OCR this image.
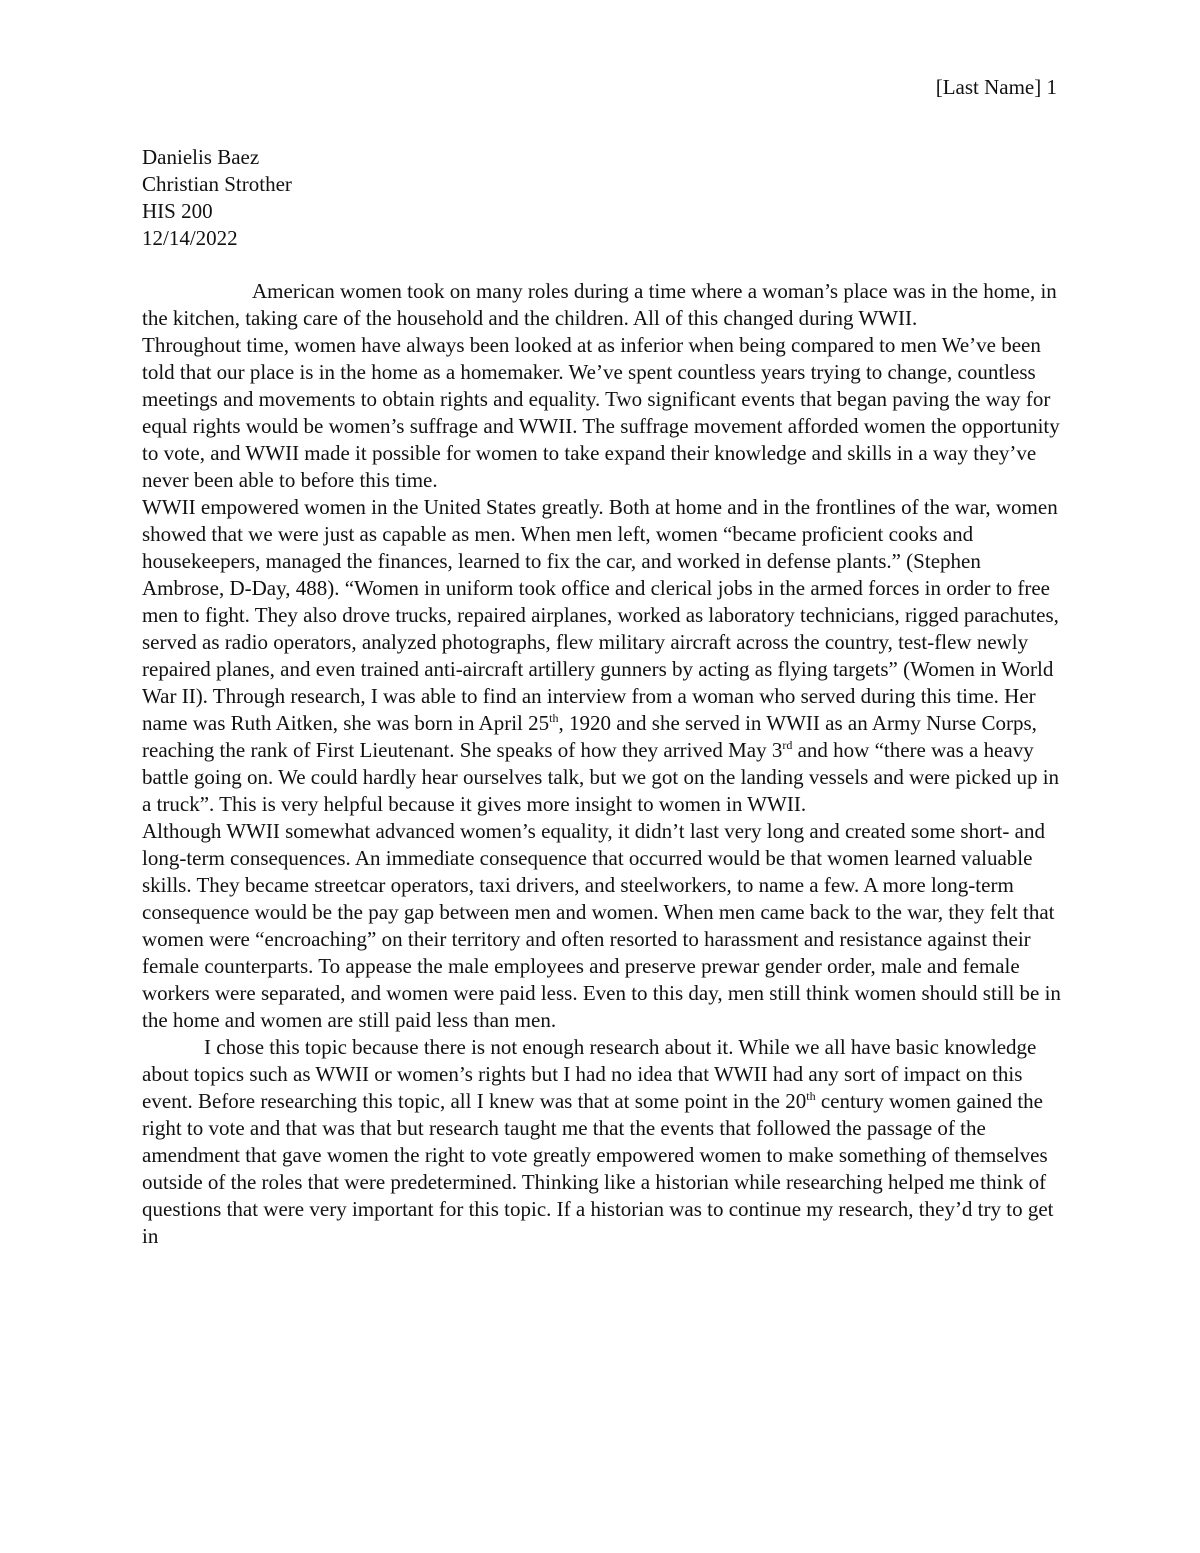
[Last Name] 1
Danielis Baez
Christian Strother
HIS 200
12/14/2022

American women took on many roles during a time where a woman’s place was in the home, in the kitchen, taking care of the household and the children. All of this changed during WWII.

Throughout time, women have always been looked at as inferior when being compared to men We’ve been told that our place is in the home as a homemaker. We’ve spent countless years trying to change, countless meetings and movements to obtain rights and equality. Two significant events that began paving the way for equal rights would be women’s suffrage and WWII. The suffrage movement afforded women the opportunity to vote, and WWII made it possible for women to take expand their knowledge and skills in a way they’ve never been able to before this time.

WWII empowered women in the United States greatly. Both at home and in the frontlines of the war, women showed that we were just as capable as men. When men left, women “became proficient cooks and housekeepers, managed the finances, learned to fix the car, and worked in defense plants.” (Stephen Ambrose, D-Day, 488). “Women in uniform took office and clerical jobs in the armed forces in order to free men to fight. They also drove trucks, repaired airplanes, worked as laboratory technicians, rigged parachutes, served as radio operators, analyzed photographs, flew military aircraft across the country, test-flew newly repaired planes, and even trained anti-aircraft artillery gunners by acting as flying targets” (Women in World War II). Through research, I was able to find an interview from a woman who served during this time. Her name was Ruth Aitken, she was born in April 25th, 1920 and she served in WWII as an Army Nurse Corps, reaching the rank of First Lieutenant. She speaks of how they arrived May 3rd and how “there was a heavy battle going on. We could hardly hear ourselves talk, but we got on the landing vessels and were picked up in a truck”. This is very helpful because it gives more insight to women in WWII.

Although WWII somewhat advanced women’s equality, it didn’t last very long and created some short- and long-term consequences. An immediate consequence that occurred would be that women learned valuable skills. They became streetcar operators, taxi drivers, and steelworkers, to name a few. A more long-term consequence would be the pay gap between men and women. When men came back to the war, they felt that women were “encroaching” on their territory and often resorted to harassment and resistance against their female counterparts. To appease the male employees and preserve prewar gender order, male and female workers were separated, and women were paid less. Even to this day, men still think women should still be in the home and women are still paid less than men.

I chose this topic because there is not enough research about it. While we all have basic knowledge about topics such as WWII or women’s rights but I had no idea that WWII had any sort of impact on this event. Before researching this topic, all I knew was that at some point in the 20th century women gained the right to vote and that was that but research taught me that the events that followed the passage of the amendment that gave women the right to vote greatly empowered women to make something of themselves outside of the roles that were predetermined. Thinking like a historian while researching helped me think of questions that were very important for this topic. If a historian was to continue my research, they’d try to get in
